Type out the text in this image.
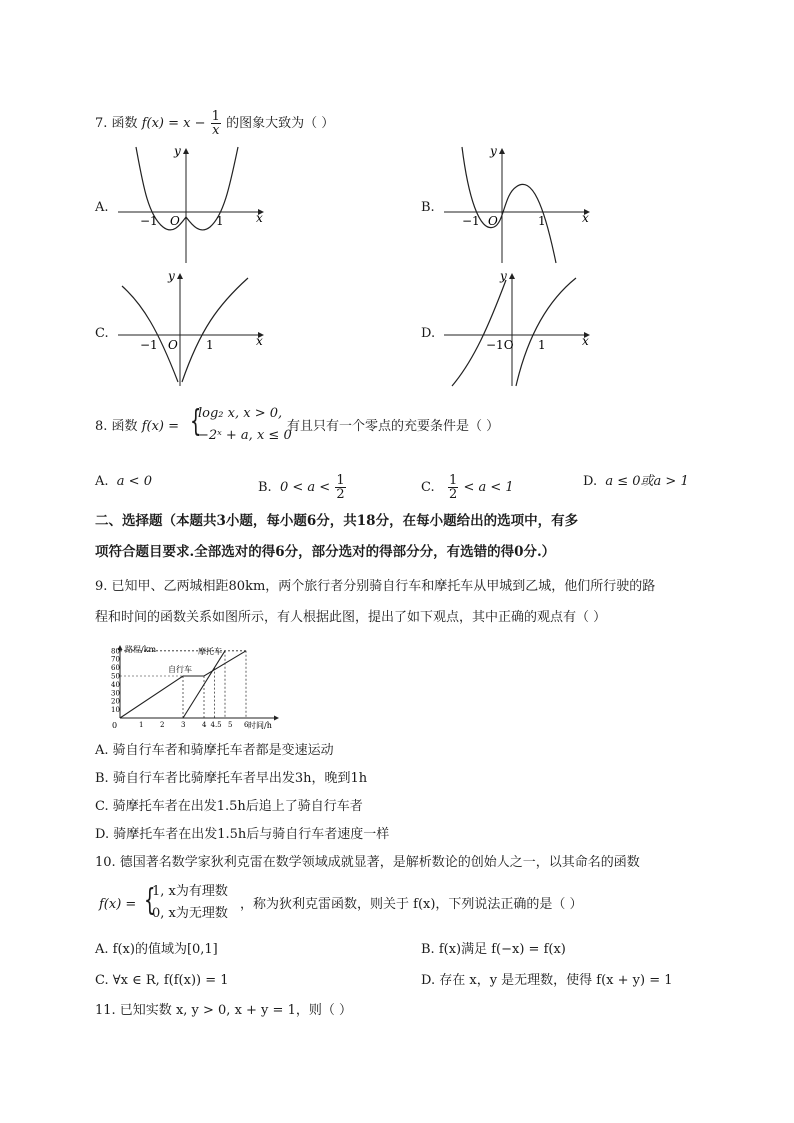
7. 函数 $f(x) = x - \frac{1}{x}$ 的图象大致为（ ）
A.	B.
C.	D.
y
x
O
−1	1
y
x
O
−1	1
y
x
O
−1	1
y
x
−1O 1
8. 函数 f(x) = {
log₂ x, x > 0,
−2ˣ + a, x ≤ 0
有且只有一个零点的充要条件是（ ）
A. a < 0	B. $0 < a < \frac{1}{2}$	C. $\frac{1}{2} < a < 1$	D. a ≤ 0或a > 1
二、选择题（本题共3小题，每小题6分，共18分，在每小题给出的选项中，有多
项符合题目要求.全部选对的得6分，部分选对的得部分分，有选错的得0分.）
9. 已知甲、乙两城相距80km，两个旅行者分别骑自行车和摩托车从甲城到乙城，他们所行驶的路
程和时间的函数关系如图所示，有人根据此图，提出了如下观点，其中正确的观点有（ ）
路程/km
时间/h
0
10
20
30
40
50
60
70
80
1 2 3 4 4.5 5 6
自行车
摩托车
A. 骑自行车者和骑摩托车者都是变速运动
B. 骑自行车者比骑摩托车者早出发3h，晚到1h
C. 骑摩托车者在出发1.5h后追上了骑自行车者
D. 骑摩托车者在出发1.5h后与骑自行车者速度一样
10. 德国著名数学家狄利克雷在数学领域成就显著，是解析数论的创始人之一，以其命名的函数
f(x) = {
1, x为有理数
0, x为无理数
，称为狄利克雷函数，则关于 f(x)，下列说法正确的是（ ）
A. f(x)的值域为[0,1]	B. f(x)满足 f(−x) = f(x)
C. ∀x ∈ R, f(f(x)) = 1	D. 存在 x，y 是无理数，使得 f(x + y) = 1
11. 已知实数 x, y > 0, x + y = 1，则（ ）
